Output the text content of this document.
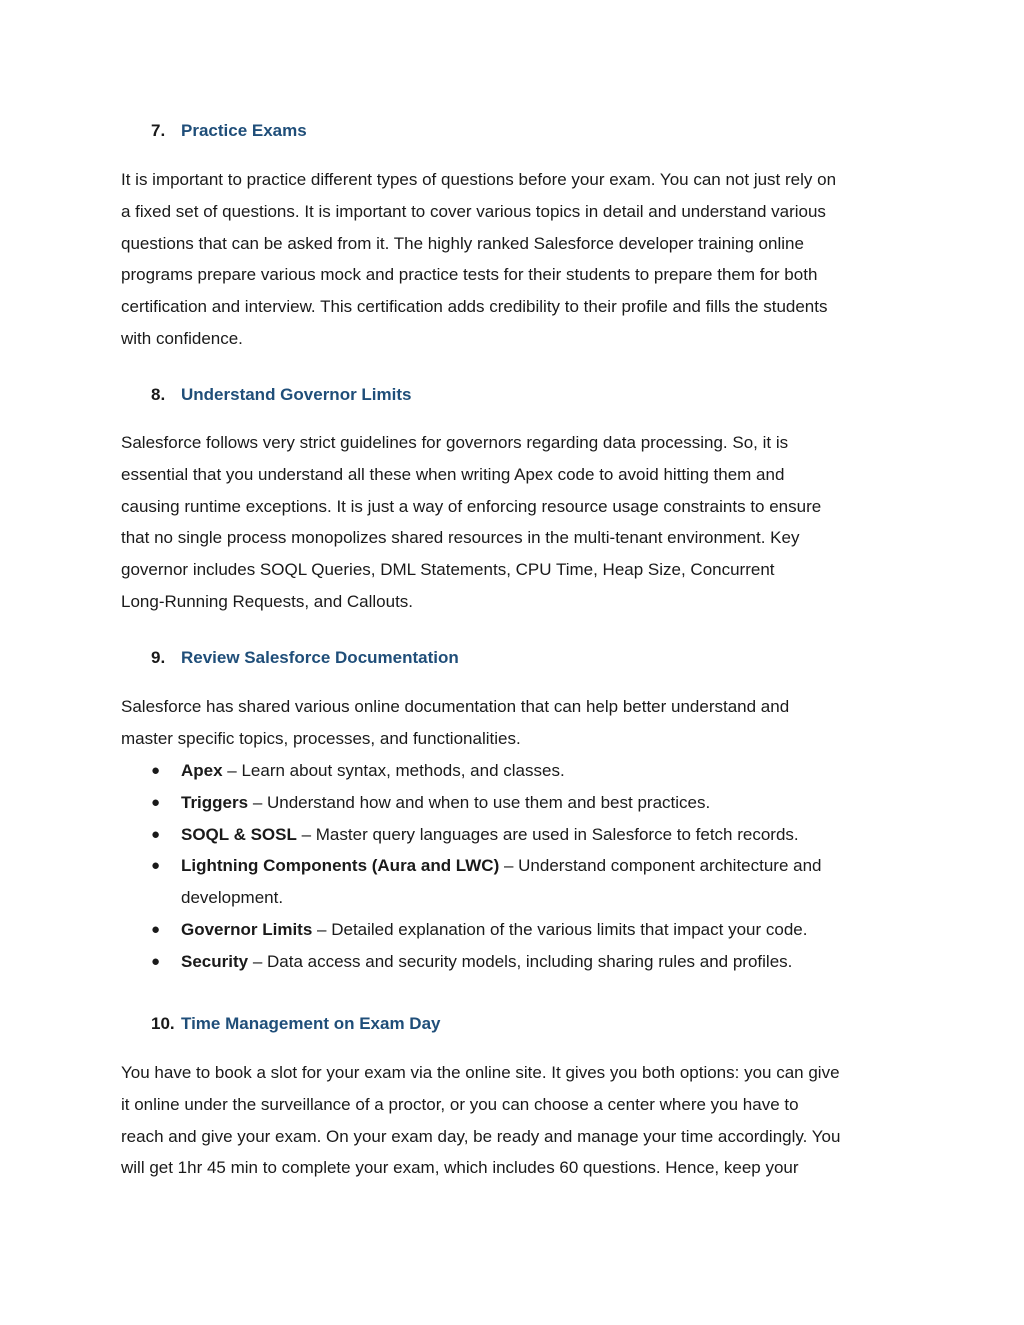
7. Practice Exams
It is important to practice different types of questions before your exam. You can not just rely on
a fixed set of questions. It is important to cover various topics in detail and understand various
questions that can be asked from it. The highly ranked Salesforce developer training online
programs prepare various mock and practice tests for their students to prepare them for both
certification and interview. This certification adds credibility to their profile and fills the students
with confidence.
8. Understand Governor Limits
Salesforce follows very strict guidelines for governors regarding data processing. So, it is
essential that you understand all these when writing Apex code to avoid hitting them and
causing runtime exceptions. It is just a way of enforcing resource usage constraints to ensure
that no single process monopolizes shared resources in the multi-tenant environment. Key
governor includes SOQL Queries, DML Statements, CPU Time, Heap Size, Concurrent
Long-Running Requests, and Callouts.
9. Review Salesforce Documentation
Salesforce has shared various online documentation that can help better understand and
master specific topics, processes, and functionalities.
● Apex – Learn about syntax, methods, and classes.
● Triggers – Understand how and when to use them and best practices.
● SOQL & SOSL – Master query languages are used in Salesforce to fetch records.
● Lightning Components (Aura and LWC) – Understand component architecture and
development.
● Governor Limits – Detailed explanation of the various limits that impact your code.
● Security – Data access and security models, including sharing rules and profiles.
10. Time Management on Exam Day
You have to book a slot for your exam via the online site. It gives you both options: you can give
it online under the surveillance of a proctor, or you can choose a center where you have to
reach and give your exam. On your exam day, be ready and manage your time accordingly. You
will get 1hr 45 min to complete your exam, which includes 60 questions. Hence, keep your
